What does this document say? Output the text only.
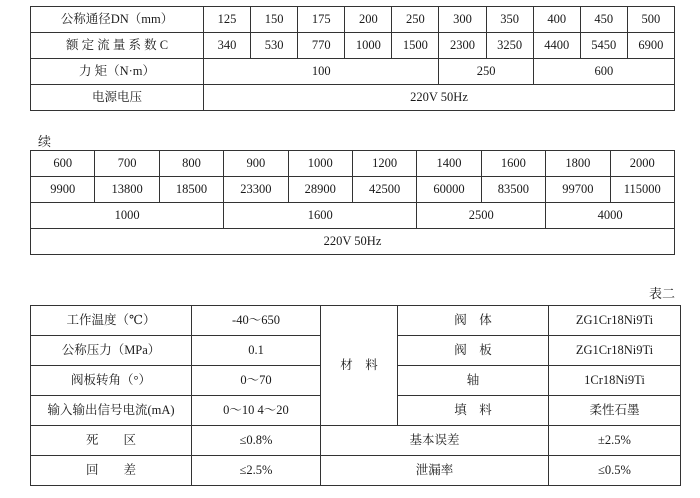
公称通径DN（mm）	125	150	175	200	250	300	350	400	450	500
额 定 流 量 系 数 C	340	530	770	1000	1500	2300	3250	4400	5450	6900
力 矩（N·m）	100					250		600		
电源电压	220V 50Hz									
续
600	700	800	900	1000	1200	1400	1600	1800	2000
9900	13800	18500	23300	28900	42500	60000	83500	99700	115000
1000			1600			2500		4000	
220V 50Hz									
表二
工作温度（℃）	-40～650	材　料	阀　体	ZG1Cr18Ni9Ti
公称压力（MPa）	0.1		阀　板	ZG1Cr18Ni9Ti
阀板转角（°）	0～70		轴	1Cr18Ni9Ti
输入输出信号电流(mA)	0～10 4～20		填　料	柔性石墨
死　　区	≤0.8%	基本误差		±2.5%
回　　差	≤2.5%	泄漏率		≤0.5%
